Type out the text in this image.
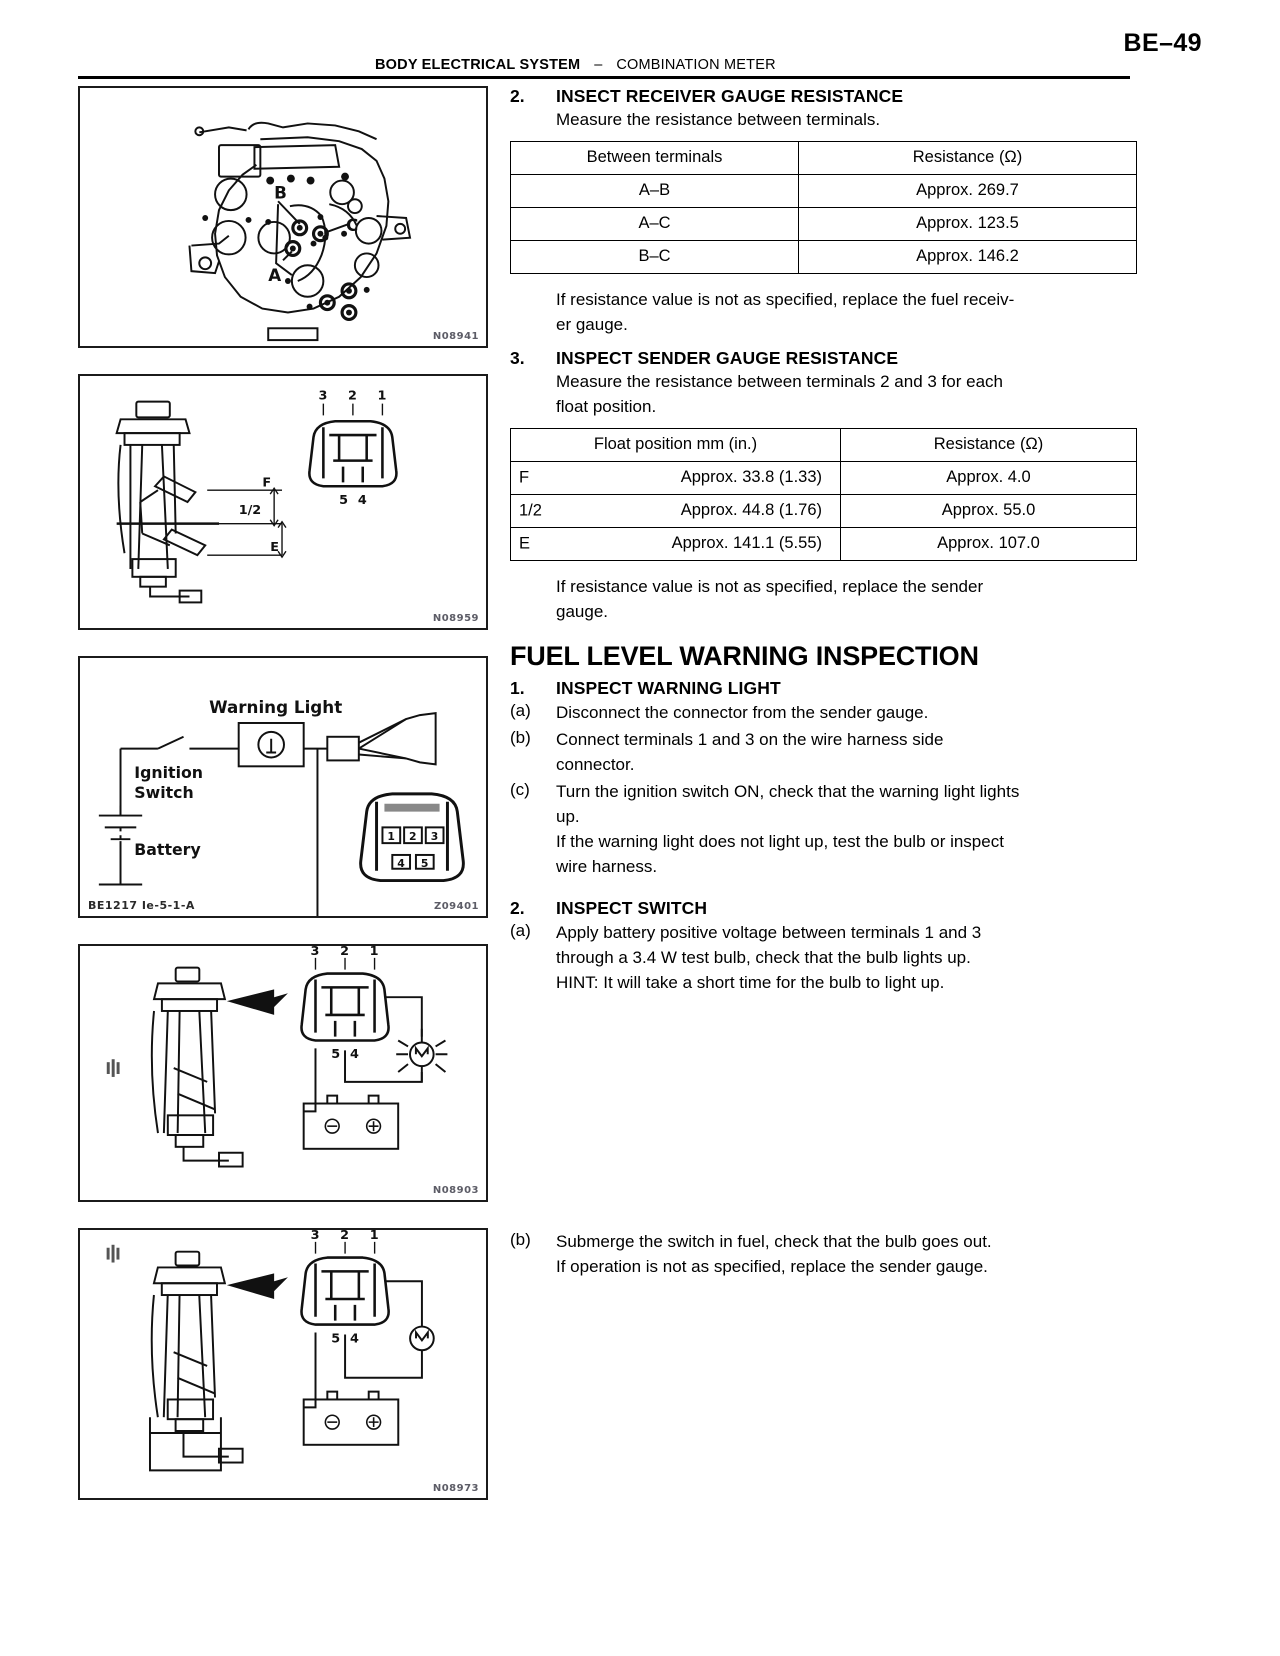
BE–49
BODY ELECTRICAL SYSTEM – COMBINATION METER
B
C
A
N08941
F
1/2
E
3 2 1
5 4
N08959
1 2 3
4 5
Warning Light
Ignition
Switch
Battery
BE1217 Ie-5-1-A	Z09401
3 2 1
5 4
N08903
3 2 1
5 4
N08973
2.	INSECT RECEIVER GAUGE RESISTANCE
Measure the resistance between terminals.
Between terminals	Resistance (Ω)
A–B	Approx. 269.7
A–C	Approx. 123.5
B–C	Approx. 146.2
If resistance value is not as specified, replace the fuel receiv-
er gauge.
3.	INSPECT SENDER GAUGE RESISTANCE
Measure the resistance between terminals 2 and 3 for each
float position.
Float position mm (in.)	Resistance (Ω)

F Approx. 33.8 (1.33)	Approx. 4.0

1/2 Approx. 44.8 (1.76)	Approx. 55.0

E Approx. 141.1 (5.55)	Approx. 107.0
If resistance value is not as specified, replace the sender
gauge.
FUEL LEVEL WARNING INSPECTION
1.	INSPECT WARNING LIGHT
(a)	Disconnect the connector from the sender gauge.
(b)	Connect terminals 1 and 3 on the wire harness side
connector.
(c)	Turn the ignition switch ON, check that the warning light lights
up.
If the warning light does not light up, test the bulb or inspect
wire harness.
2.	INSPECT SWITCH
(a)	Apply battery positive voltage between terminals 1 and 3
through a 3.4 W test bulb, check that the bulb lights up.
HINT: It will take a short time for the bulb to light up.
(b)	Submerge the switch in fuel, check that the bulb goes out.
If operation is not as specified, replace the sender gauge.
